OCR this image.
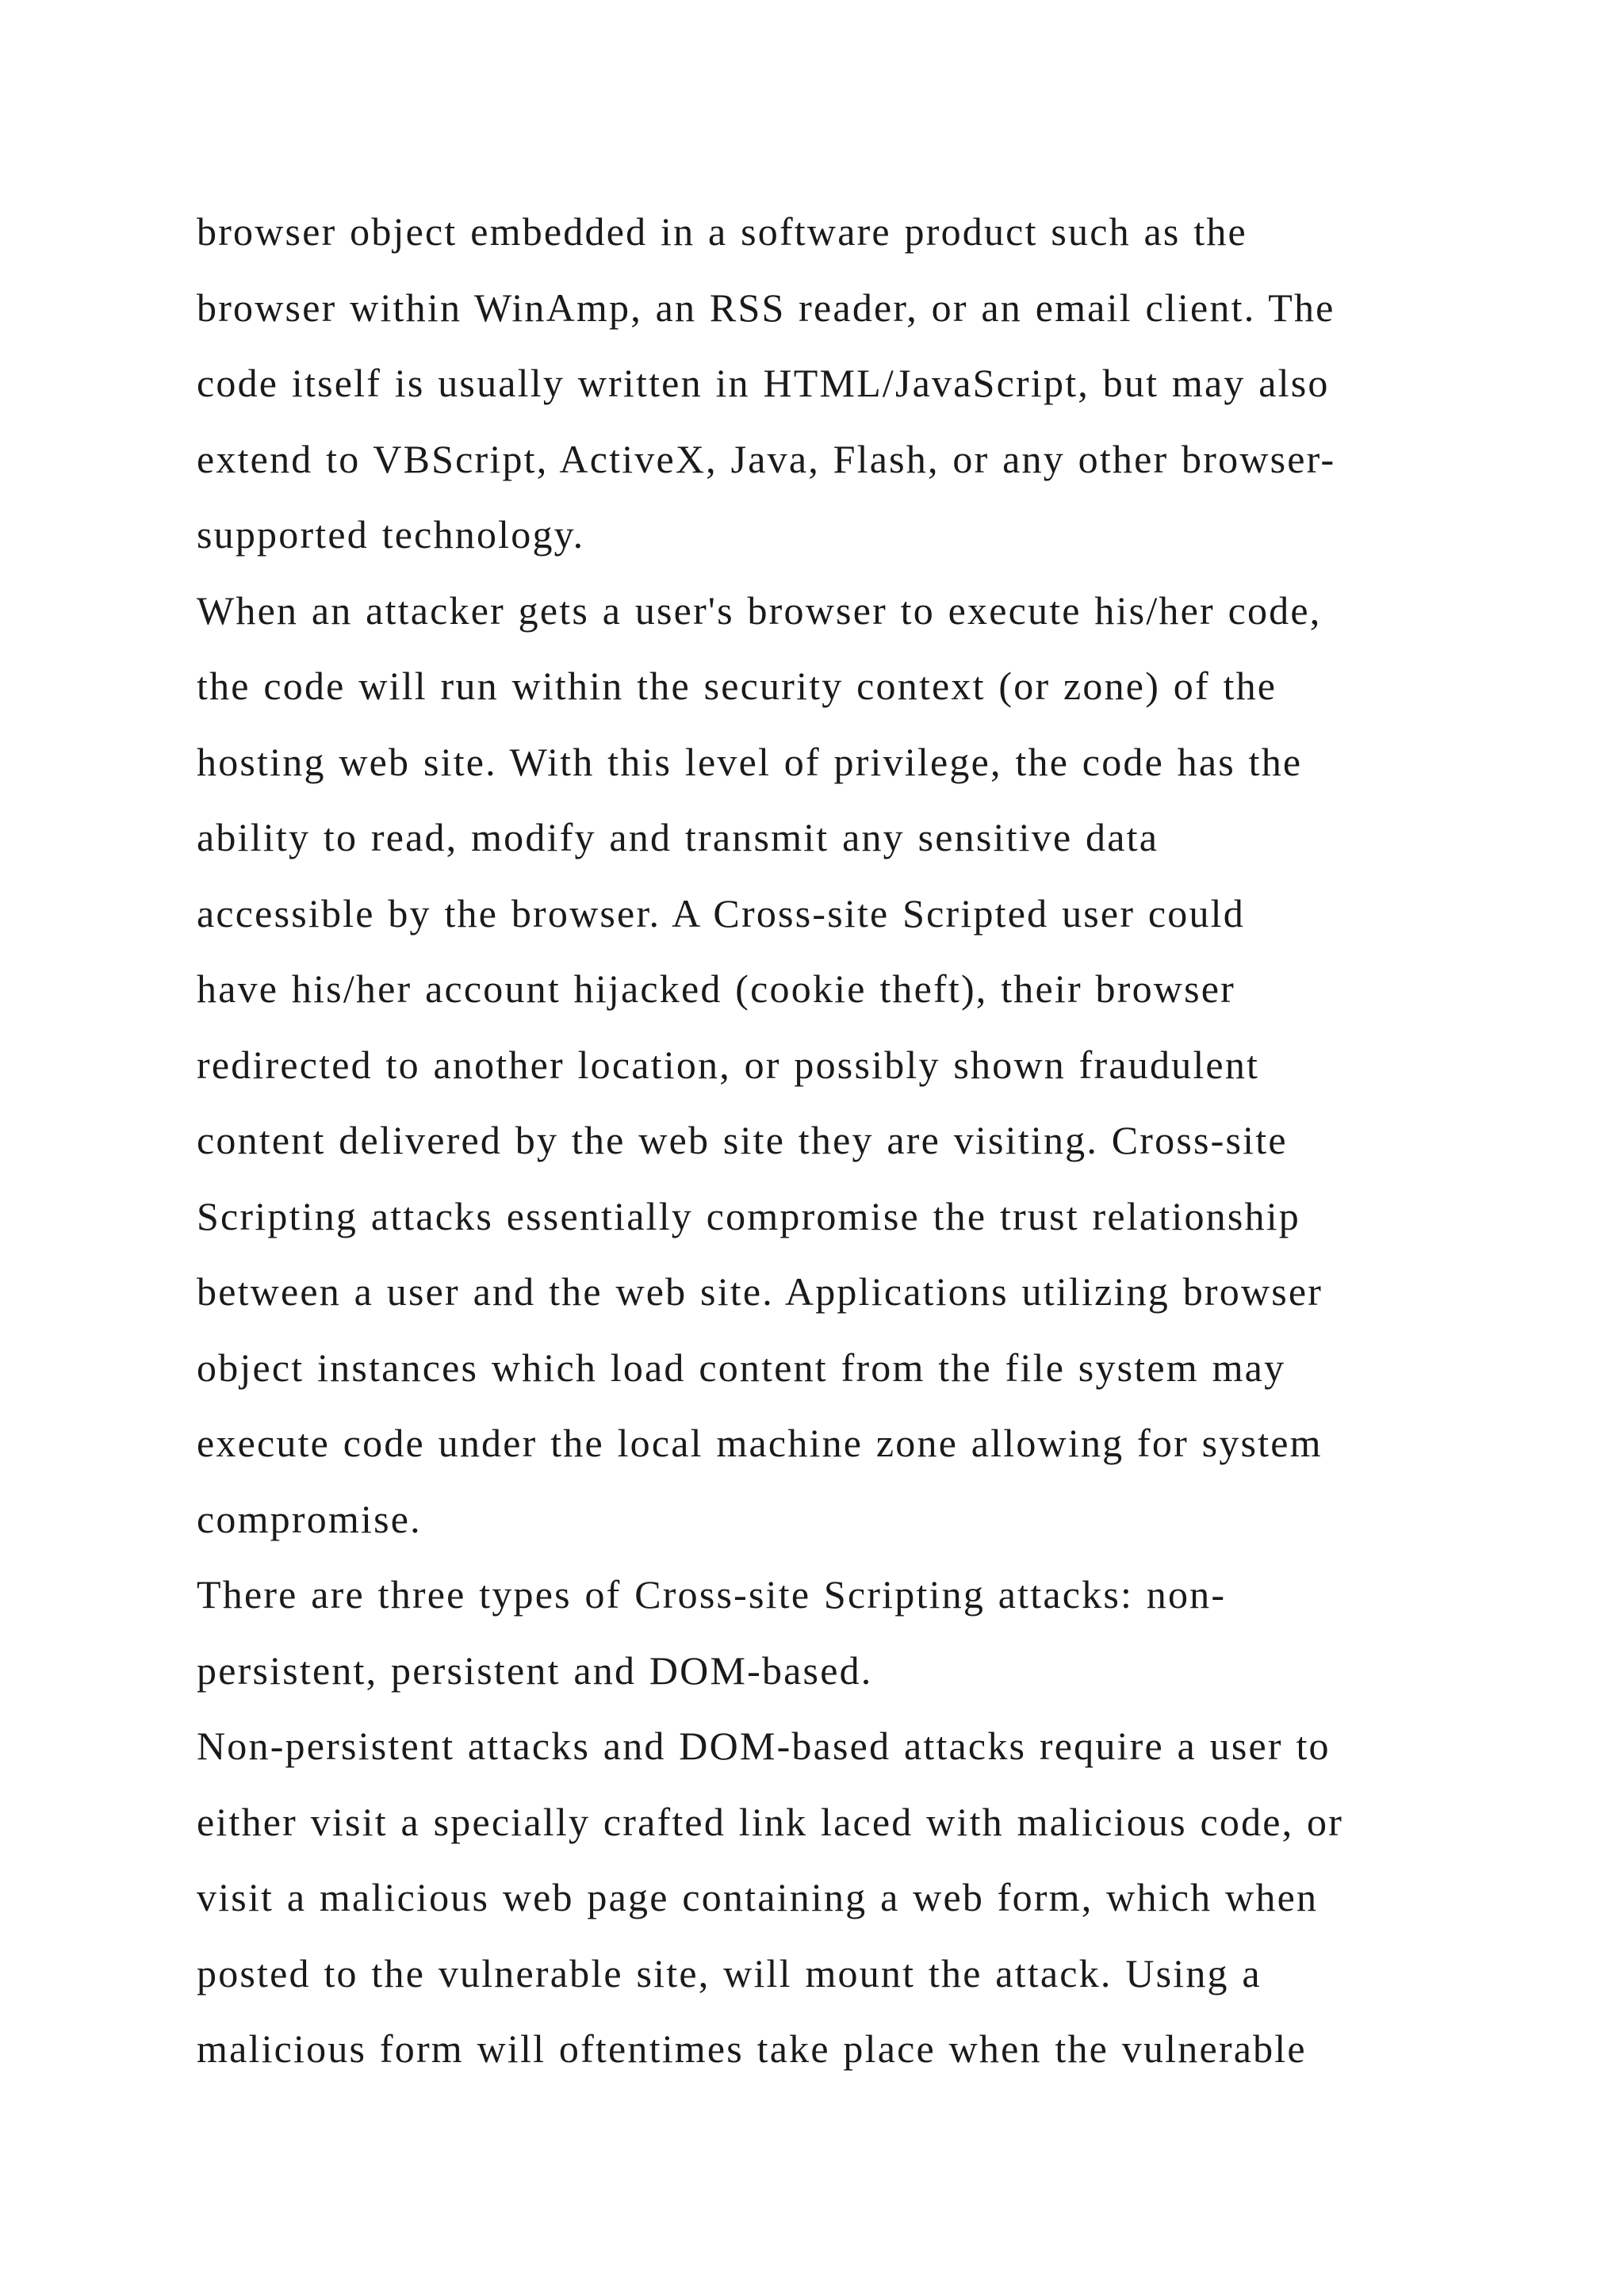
browser object embedded in a software product such as the
browser within WinAmp, an RSS reader, or an email client. The
code itself is usually written in HTML/JavaScript, but may also
extend to VBScript, ActiveX, Java, Flash, or any other browser-
supported technology.
When an attacker gets a user's browser to execute his/her code,
the code will run within the security context (or zone) of the
hosting web site. With this level of privilege, the code has the
ability to read, modify and transmit any sensitive data
accessible by the browser. A Cross-site Scripted user could
have his/her account hijacked (cookie theft), their browser
redirected to another location, or possibly shown fraudulent
content delivered by the web site they are visiting. Cross-site
Scripting attacks essentially compromise the trust relationship
between a user and the web site. Applications utilizing browser
object instances which load content from the file system may
execute code under the local machine zone allowing for system
compromise.
There are three types of Cross-site Scripting attacks: non-
persistent, persistent and DOM-based.
Non-persistent attacks and DOM-based attacks require a user to
either visit a specially crafted link laced with malicious code, or
visit a malicious web page containing a web form, which when
posted to the vulnerable site, will mount the attack. Using a
malicious form will oftentimes take place when the vulnerable
